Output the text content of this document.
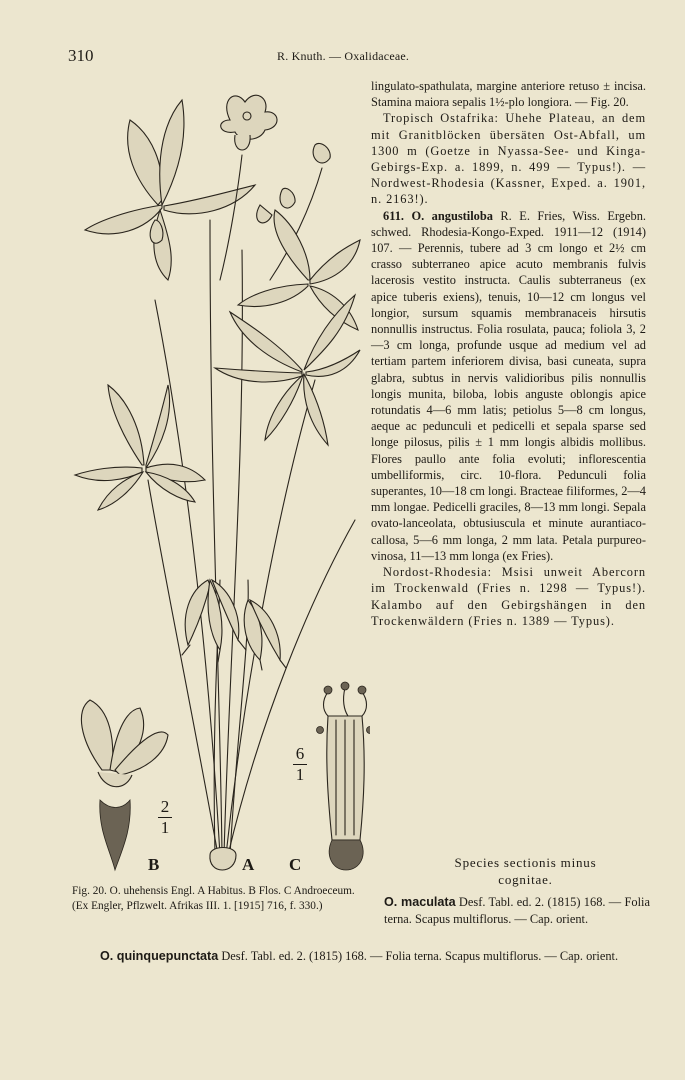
310	R. Knuth. — Oxalidaceae.

lingulato-spathulata, margine anteriore retuso ± incisa. Stamina maiora sepalis 1½-plo longiora. — Fig. 20.

Tropisch Ostafrika: Uhehe Plateau, an dem mit Granitblöcken übersäten Ost-Abfall, um 1300 m (Goetze in Nyassa-See- und Kinga-Gebirgs-Exp. a. 1899, n. 499 — Typus!). — Nordwest-Rhodesia (Kassner, Exped. a. 1901, n. 2163!).

611. O. angustiloba R. E. Fries, Wiss. Ergebn. schwed. Rhodesia-Kongo-Exped. 1911—12 (1914) 107. — Perennis, tubere ad 3 cm longo et 2½ cm crasso subterraneo apice acuto membranis fulvis lacerosis vestito instructa. Caulis subterraneus (ex apice tuberis exiens), tenuis, 10—12 cm longus vel longior, sursum squamis membranaceis hirsutis nonnullis instructus. Folia rosulata, pauca; foliola 3, 2—3 cm longa, profunde usque ad medium vel ad tertiam partem inferiorem divisa, basi cuneata, supra glabra, subtus in nervis validioribus pilis nonnullis longis munita, biloba, lobis anguste oblongis apice rotundatis 4—6 mm latis; petiolus 5—8 cm longus, aeque ac pedunculi et pedicelli et sepala sparse sed longe pilosus, pilis ± 1 mm longis albidis mollibus. Flores paullo ante folia evoluti; inflorescentia umbelliformis, circ. 10-flora. Pedunculi folia superantes, 10—18 cm longi. Bracteae filiformes, 2—4 mm longae. Pedicelli graciles, 8—13 mm longi. Sepala ovato-lanceolata, obtusiuscula et minute aurantiaco-callosa, 5—6 mm longa, 2 mm lata. Petala purpureo-vinosa, 11—13 mm longa (ex Fries).

Nordost-Rhodesia: Msisi unweit Abercorn im Trockenwald (Fries n. 1298 — Typus!). Kalambo auf den Gebirgshängen in den Trockenwäldern (Fries n. 1389 — Typus).

2
1
6
1
B	A C
Fig. 20. O. uhehensis Engl. A Habitus. B Flos. C Androeceum. (Ex Engler, Pflzwelt. Afrikas III. 1. [1915] 716, f. 330.)
Species sectionis minus
cognitae.
O. maculata Desf. Tabl. ed. 2. (1815) 168. — Folia terna. Scapus multiflorus. — Cap. orient.
O. quinquepunctata Desf. Tabl. ed. 2. (1815) 168. — Folia terna. Scapus multiflorus. — Cap. orient.
